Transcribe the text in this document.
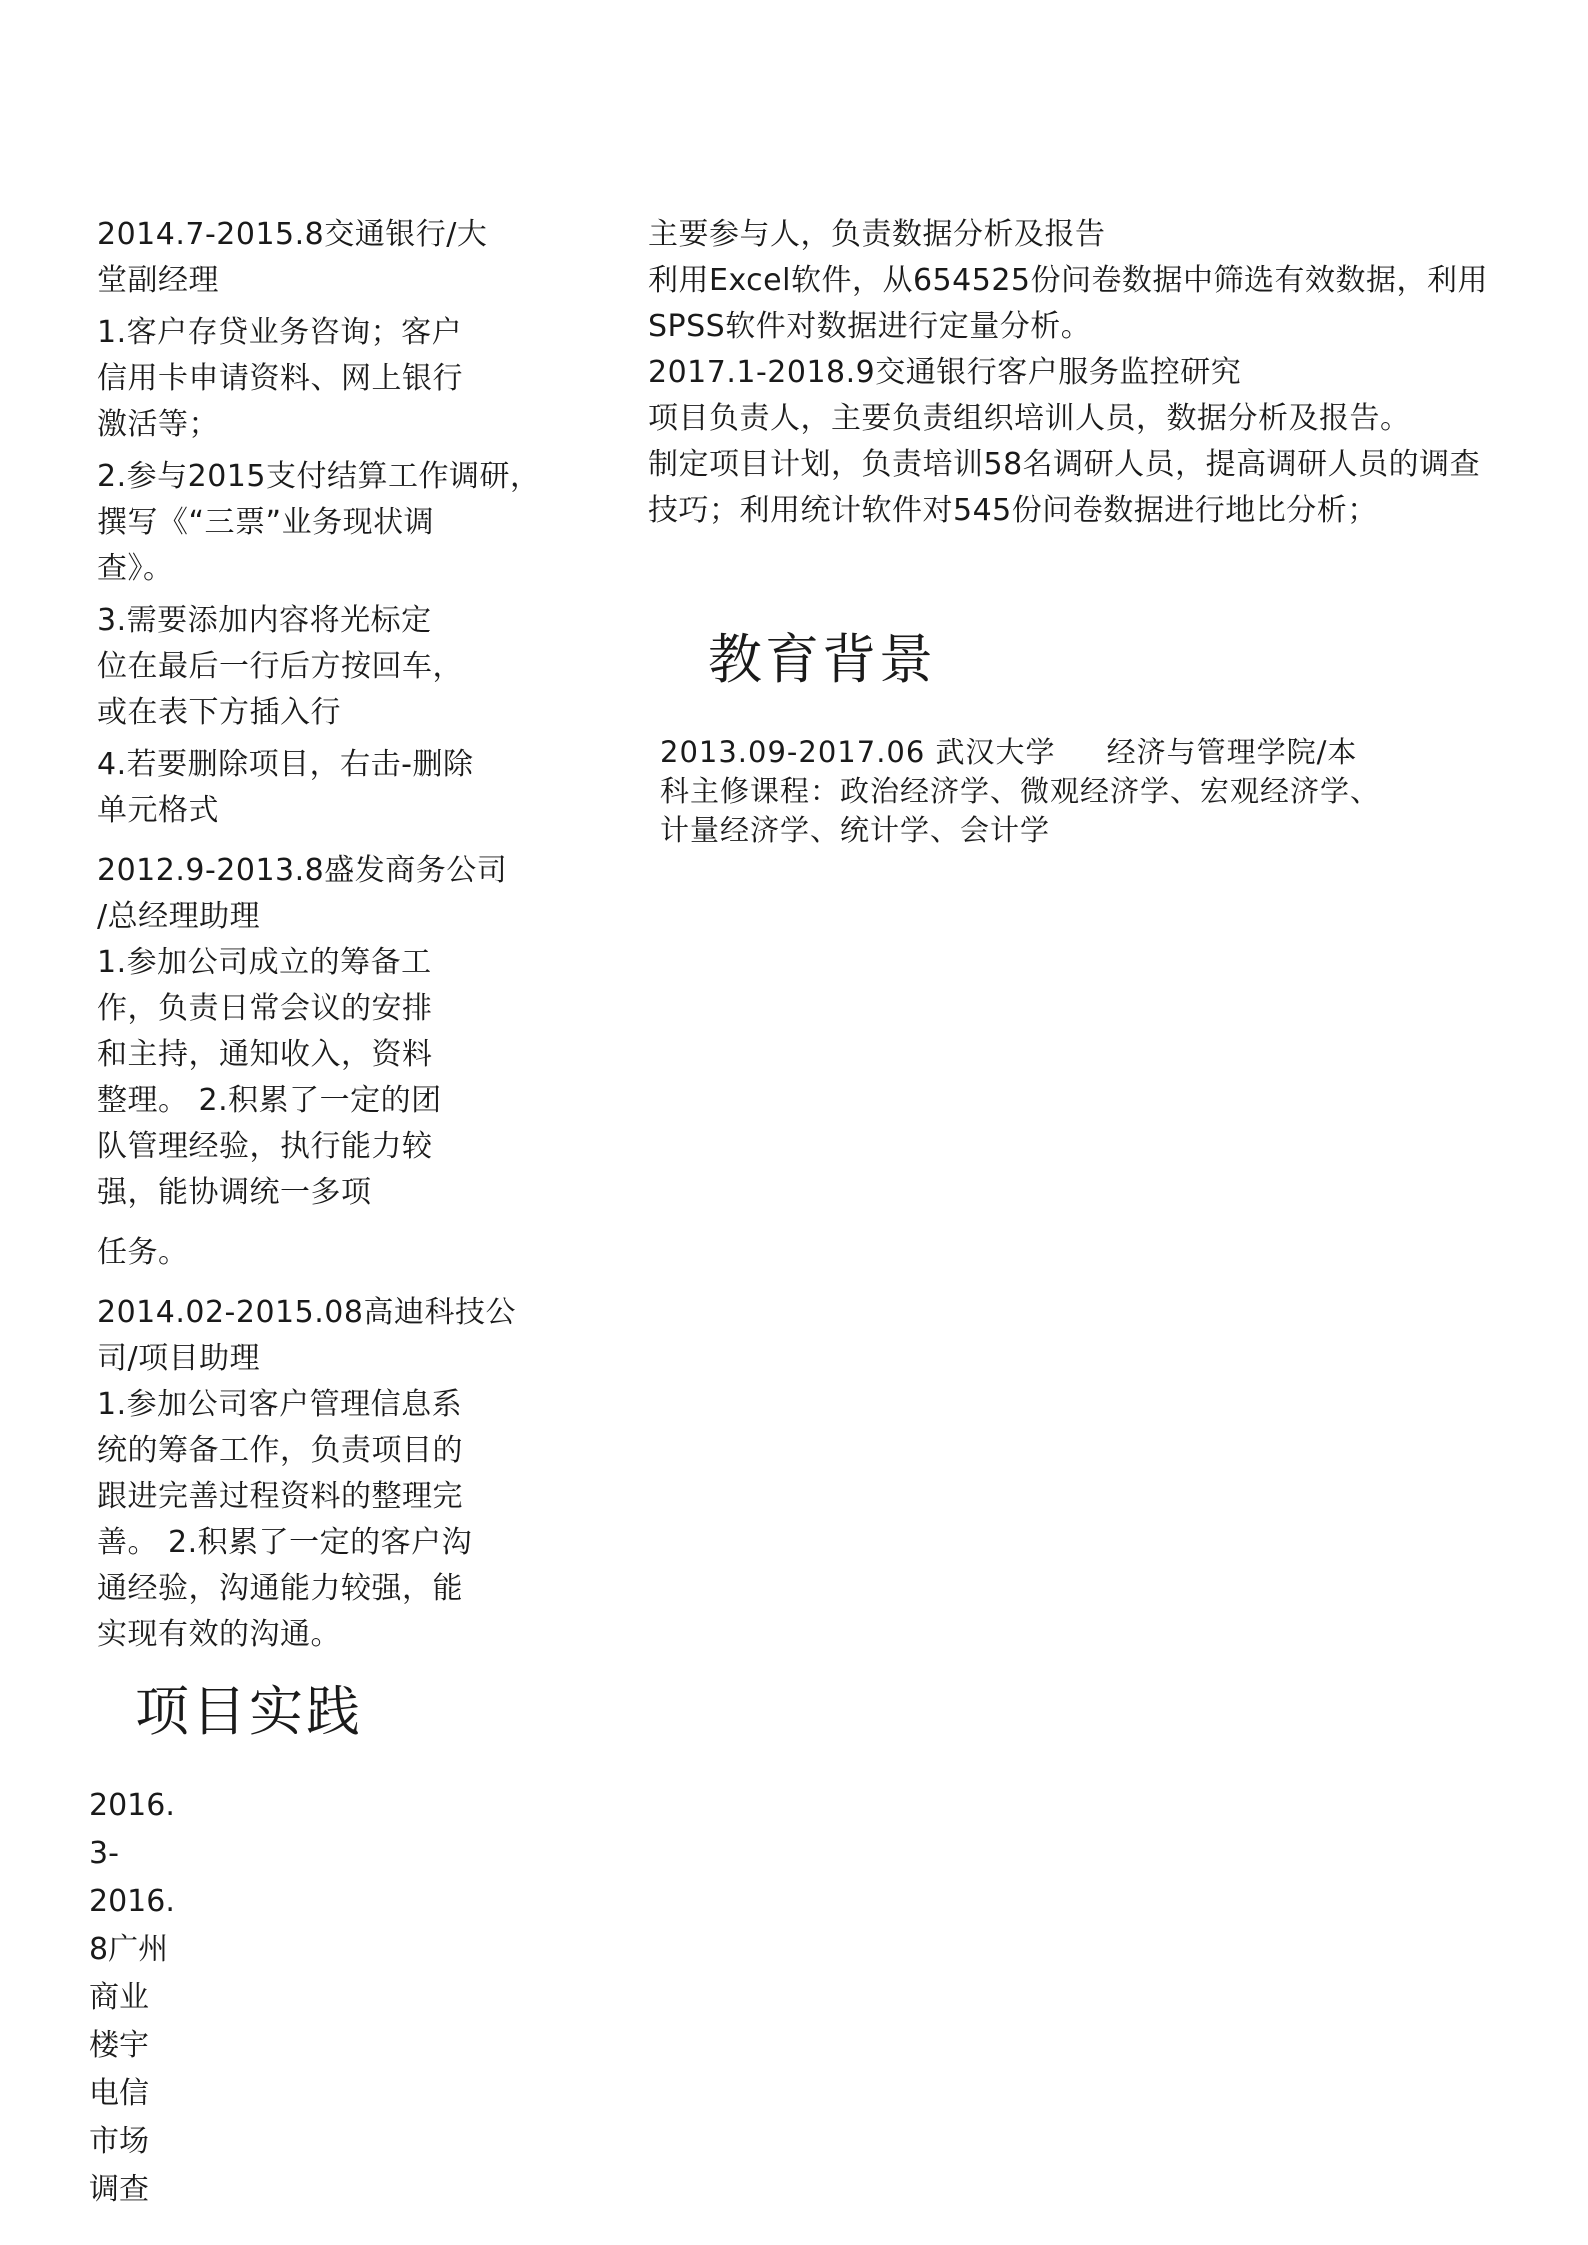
2014.7-2015.8交通银行/大
堂副经理
1.客户存贷业务咨询；客户
信用卡申请资料、网上银行
激活等；
2.参与2015支付结算工作调研，
撰写《“三票”业务现状调
查》。
3.需要添加内容将光标定
位在最后一行后方按回车，
或在表下方插入行
4.若要删除项目，右击-删除
单元格式
2012.9-2013.8盛发商务公司
/总经理助理
1.参加公司成立的筹备工
作，负责日常会议的安排
和主持，通知收入，资料
整理。 2.积累了一定的团
队管理经验，执行能力较
强，能协调统一多项
任务。
2014.02-2015.08高迪科技公
司/项目助理
1.参加公司客户管理信息系
统的筹备工作，负责项目的
跟进完善过程资料的整理完
善。 2.积累了一定的客户沟
通经验，沟通能力较强，能
实现有效的沟通。
项目实践
2016.
3-
2016.
8广州
商业
楼宇
电信
市场
调查
主要参与人，负责数据分析及报告
利用Excel软件，从654525份问卷数据中筛选有效数据，利用
SPSS软件对数据进行定量分析。
2017.1-2018.9交通银行客户服务监控研究
项目负责人，主要负责组织培训人员，数据分析及报告。
制定项目计划，负责培训58名调研人员，提高调研人员的调查
技巧；利用统计软件对545份问卷数据进行地比分析；
教育背景
2013.09-2017.06 武汉大学     经济与管理学院/本
科主修课程：政治经济学、微观经济学、宏观经济学、
计量经济学、统计学、会计学
